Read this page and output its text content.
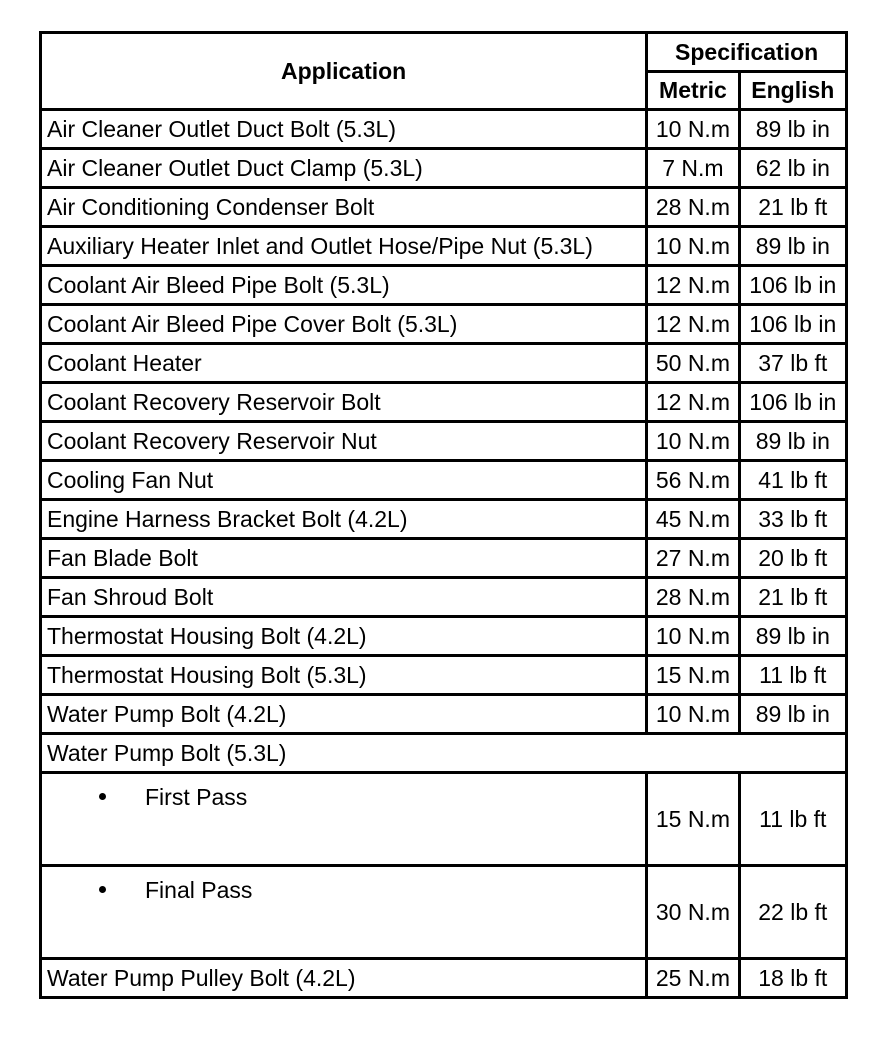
Application	Specification	
	Metric	English
Air Cleaner Outlet Duct Bolt (5.3L)	10 N.m	89 lb in
Air Cleaner Outlet Duct Clamp (5.3L)	7 N.m	62 lb in
Air Conditioning Condenser Bolt	28 N.m	21 lb ft
Auxiliary Heater Inlet and Outlet Hose/Pipe Nut (5.3L)	10 N.m	89 lb in
Coolant Air Bleed Pipe Bolt (5.3L)	12 N.m	106 lb in
Coolant Air Bleed Pipe Cover Bolt (5.3L)	12 N.m	106 lb in
Coolant Heater	50 N.m	37 lb ft
Coolant Recovery Reservoir Bolt	12 N.m	106 lb in
Coolant Recovery Reservoir Nut	10 N.m	89 lb in
Cooling Fan Nut	56 N.m	41 lb ft
Engine Harness Bracket Bolt (4.2L)	45 N.m	33 lb ft
Fan Blade Bolt	27 N.m	20 lb ft
Fan Shroud Bolt	28 N.m	21 lb ft
Thermostat Housing Bolt (4.2L)	10 N.m	89 lb in
Thermostat Housing Bolt (5.3L)	15 N.m	11 lb ft
Water Pump Bolt (4.2L)	10 N.m	89 lb in
Water Pump Bolt (5.3L)		
First Pass	15 N.m	11 lb ft
Final Pass	30 N.m	22 lb ft
Water Pump Pulley Bolt (4.2L)	25 N.m	18 lb ft
